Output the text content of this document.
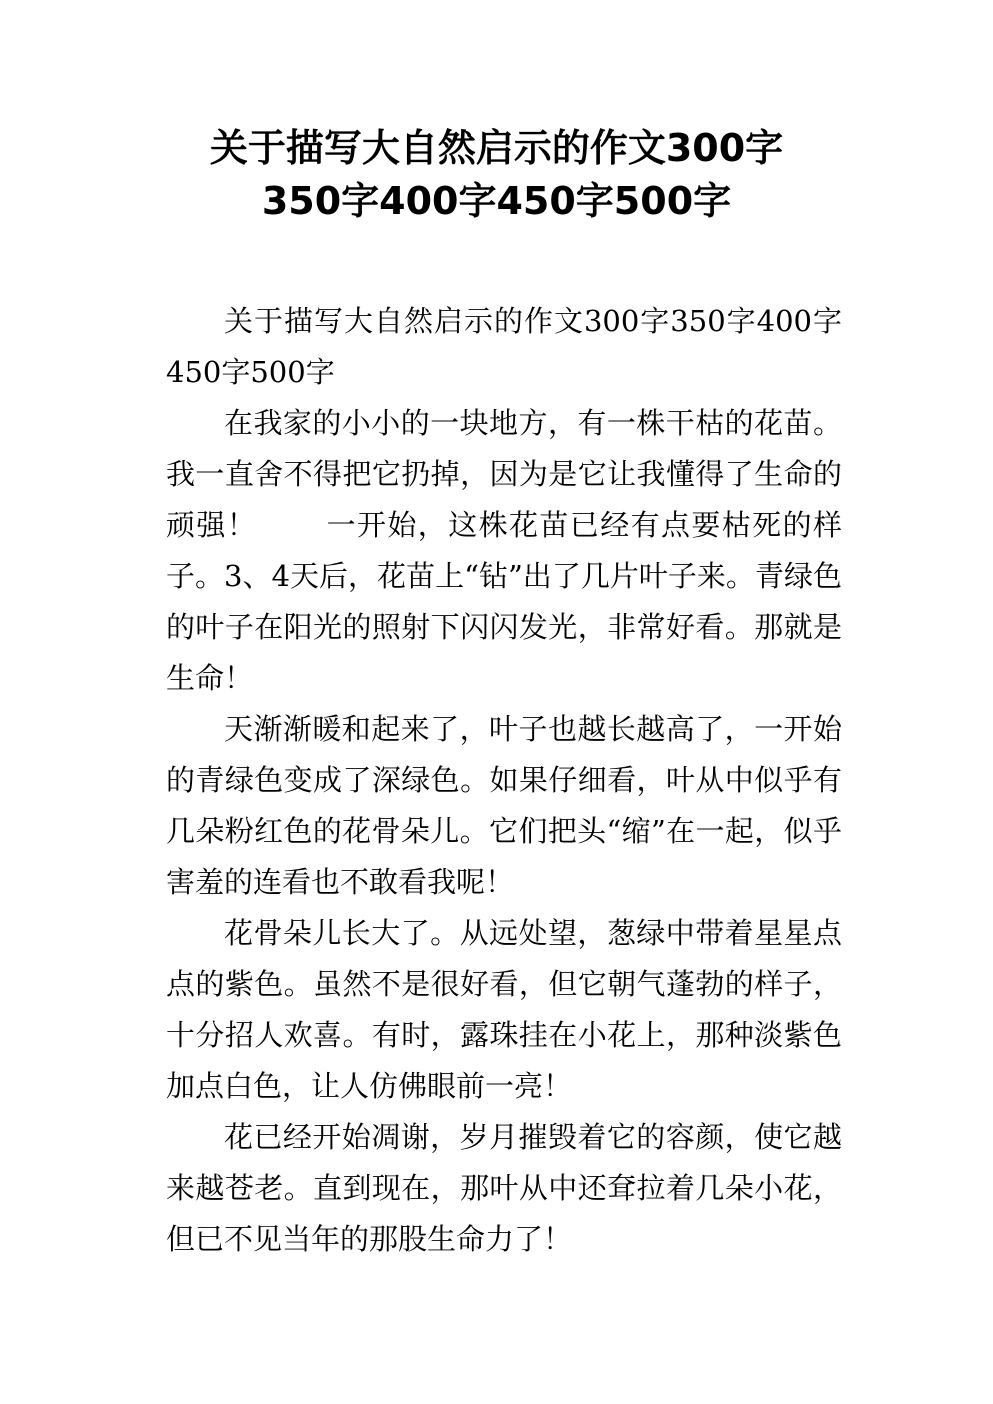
关于描写大自然启示的作文300字
350字400字450字500字

关于描写大自然启示的作文300字350字400字450字500字

在我家的小小的一块地方，有一株干枯的花苗。我一直舍不得把它扔掉，因为是它让我懂得了生命的顽强！ 一开始，这株花苗已经有点要枯死的样子。3、4天后，花苗上“钻”出了几片叶子来。青绿色的叶子在阳光的照射下闪闪发光，非常好看。那就是生命！

天渐渐暖和起来了，叶子也越长越高了，一开始的青绿色变成了深绿色。如果仔细看，叶从中似乎有几朵粉红色的花骨朵儿。它们把头“缩”在一起，似乎害羞的连看也不敢看我呢！

花骨朵儿长大了。从远处望，葱绿中带着星星点点的紫色。虽然不是很好看，但它朝气蓬勃的样子，十分招人欢喜。有时，露珠挂在小花上，那种淡紫色加点白色，让人仿佛眼前一亮！

花已经开始凋谢，岁月摧毁着它的容颜，使它越来越苍老。直到现在，那叶从中还耷拉着几朵小花，但已不见当年的那股生命力了！
